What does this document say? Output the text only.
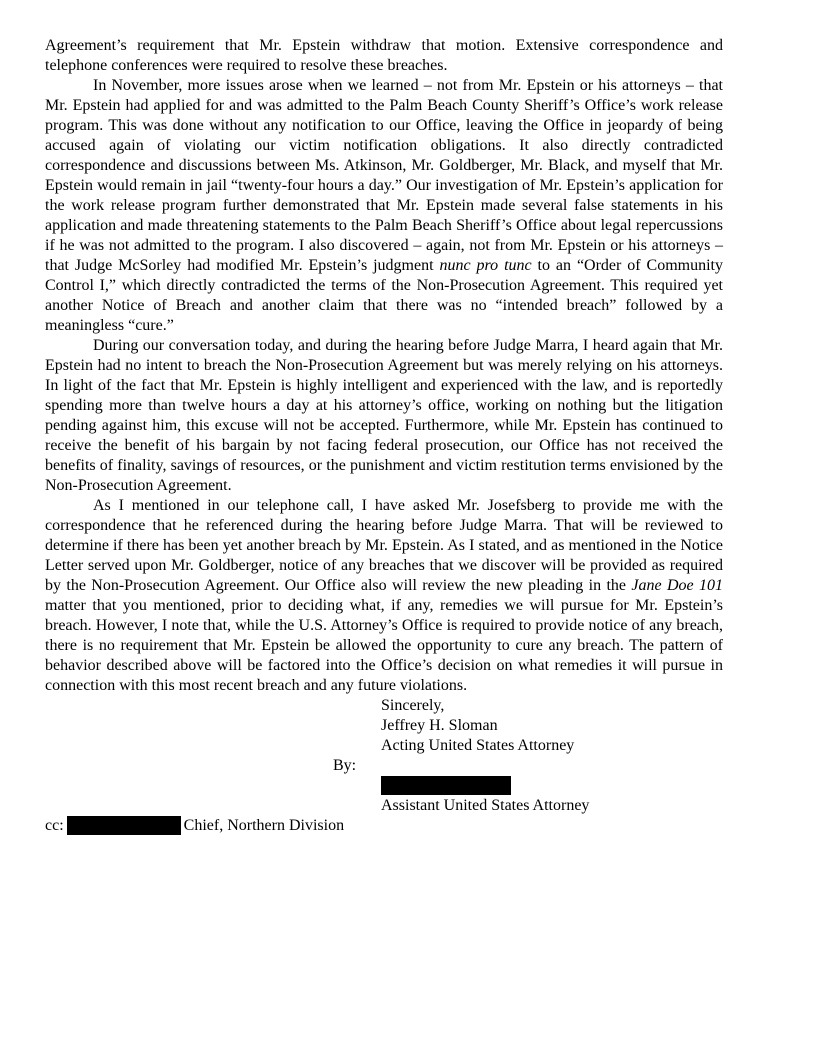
Agreement’s requirement that Mr. Epstein withdraw that motion. Extensive correspondence and telephone conferences were required to resolve these breaches.

In November, more issues arose when we learned – not from Mr. Epstein or his attorneys – that Mr. Epstein had applied for and was admitted to the Palm Beach County Sheriff’s Office’s work release program. This was done without any notification to our Office, leaving the Office in jeopardy of being accused again of violating our victim notification obligations. It also directly contradicted correspondence and discussions between Ms. Atkinson, Mr. Goldberger, Mr. Black, and myself that Mr. Epstein would remain in jail “twenty-four hours a day.” Our investigation of Mr. Epstein’s application for the work release program further demonstrated that Mr. Epstein made several false statements in his application and made threatening statements to the Palm Beach Sheriff’s Office about legal repercussions if he was not admitted to the program. I also discovered – again, not from Mr. Epstein or his attorneys – that Judge McSorley had modified Mr. Epstein’s judgment nunc pro tunc to an “Order of Community Control I,” which directly contradicted the terms of the Non-Prosecution Agreement. This required yet another Notice of Breach and another claim that there was no “intended breach” followed by a meaningless “cure.”

During our conversation today, and during the hearing before Judge Marra, I heard again that Mr. Epstein had no intent to breach the Non-Prosecution Agreement but was merely relying on his attorneys. In light of the fact that Mr. Epstein is highly intelligent and experienced with the law, and is reportedly spending more than twelve hours a day at his attorney’s office, working on nothing but the litigation pending against him, this excuse will not be accepted. Furthermore, while Mr. Epstein has continued to receive the benefit of his bargain by not facing federal prosecution, our Office has not received the benefits of finality, savings of resources, or the punishment and victim restitution terms envisioned by the Non-Prosecution Agreement.

As I mentioned in our telephone call, I have asked Mr. Josefsberg to provide me with the correspondence that he referenced during the hearing before Judge Marra. That will be reviewed to determine if there has been yet another breach by Mr. Epstein. As I stated, and as mentioned in the Notice Letter served upon Mr. Goldberger, notice of any breaches that we discover will be provided as required by the Non-Prosecution Agreement. Our Office also will review the new pleading in the Jane Doe 101 matter that you mentioned, prior to deciding what, if any, remedies we will pursue for Mr. Epstein’s breach. However, I note that, while the U.S. Attorney’s Office is required to provide notice of any breach, there is no requirement that Mr. Epstein be allowed the opportunity to cure any breach. The pattern of behavior described above will be factored into the Office’s decision on what remedies it will pursue in connection with this most recent breach and any future violations.

Sincerely,
Jeffrey H. Sloman
Acting United States Attorney
Assistant United States Attorney
By:
cc:	Chief, Northern Division
